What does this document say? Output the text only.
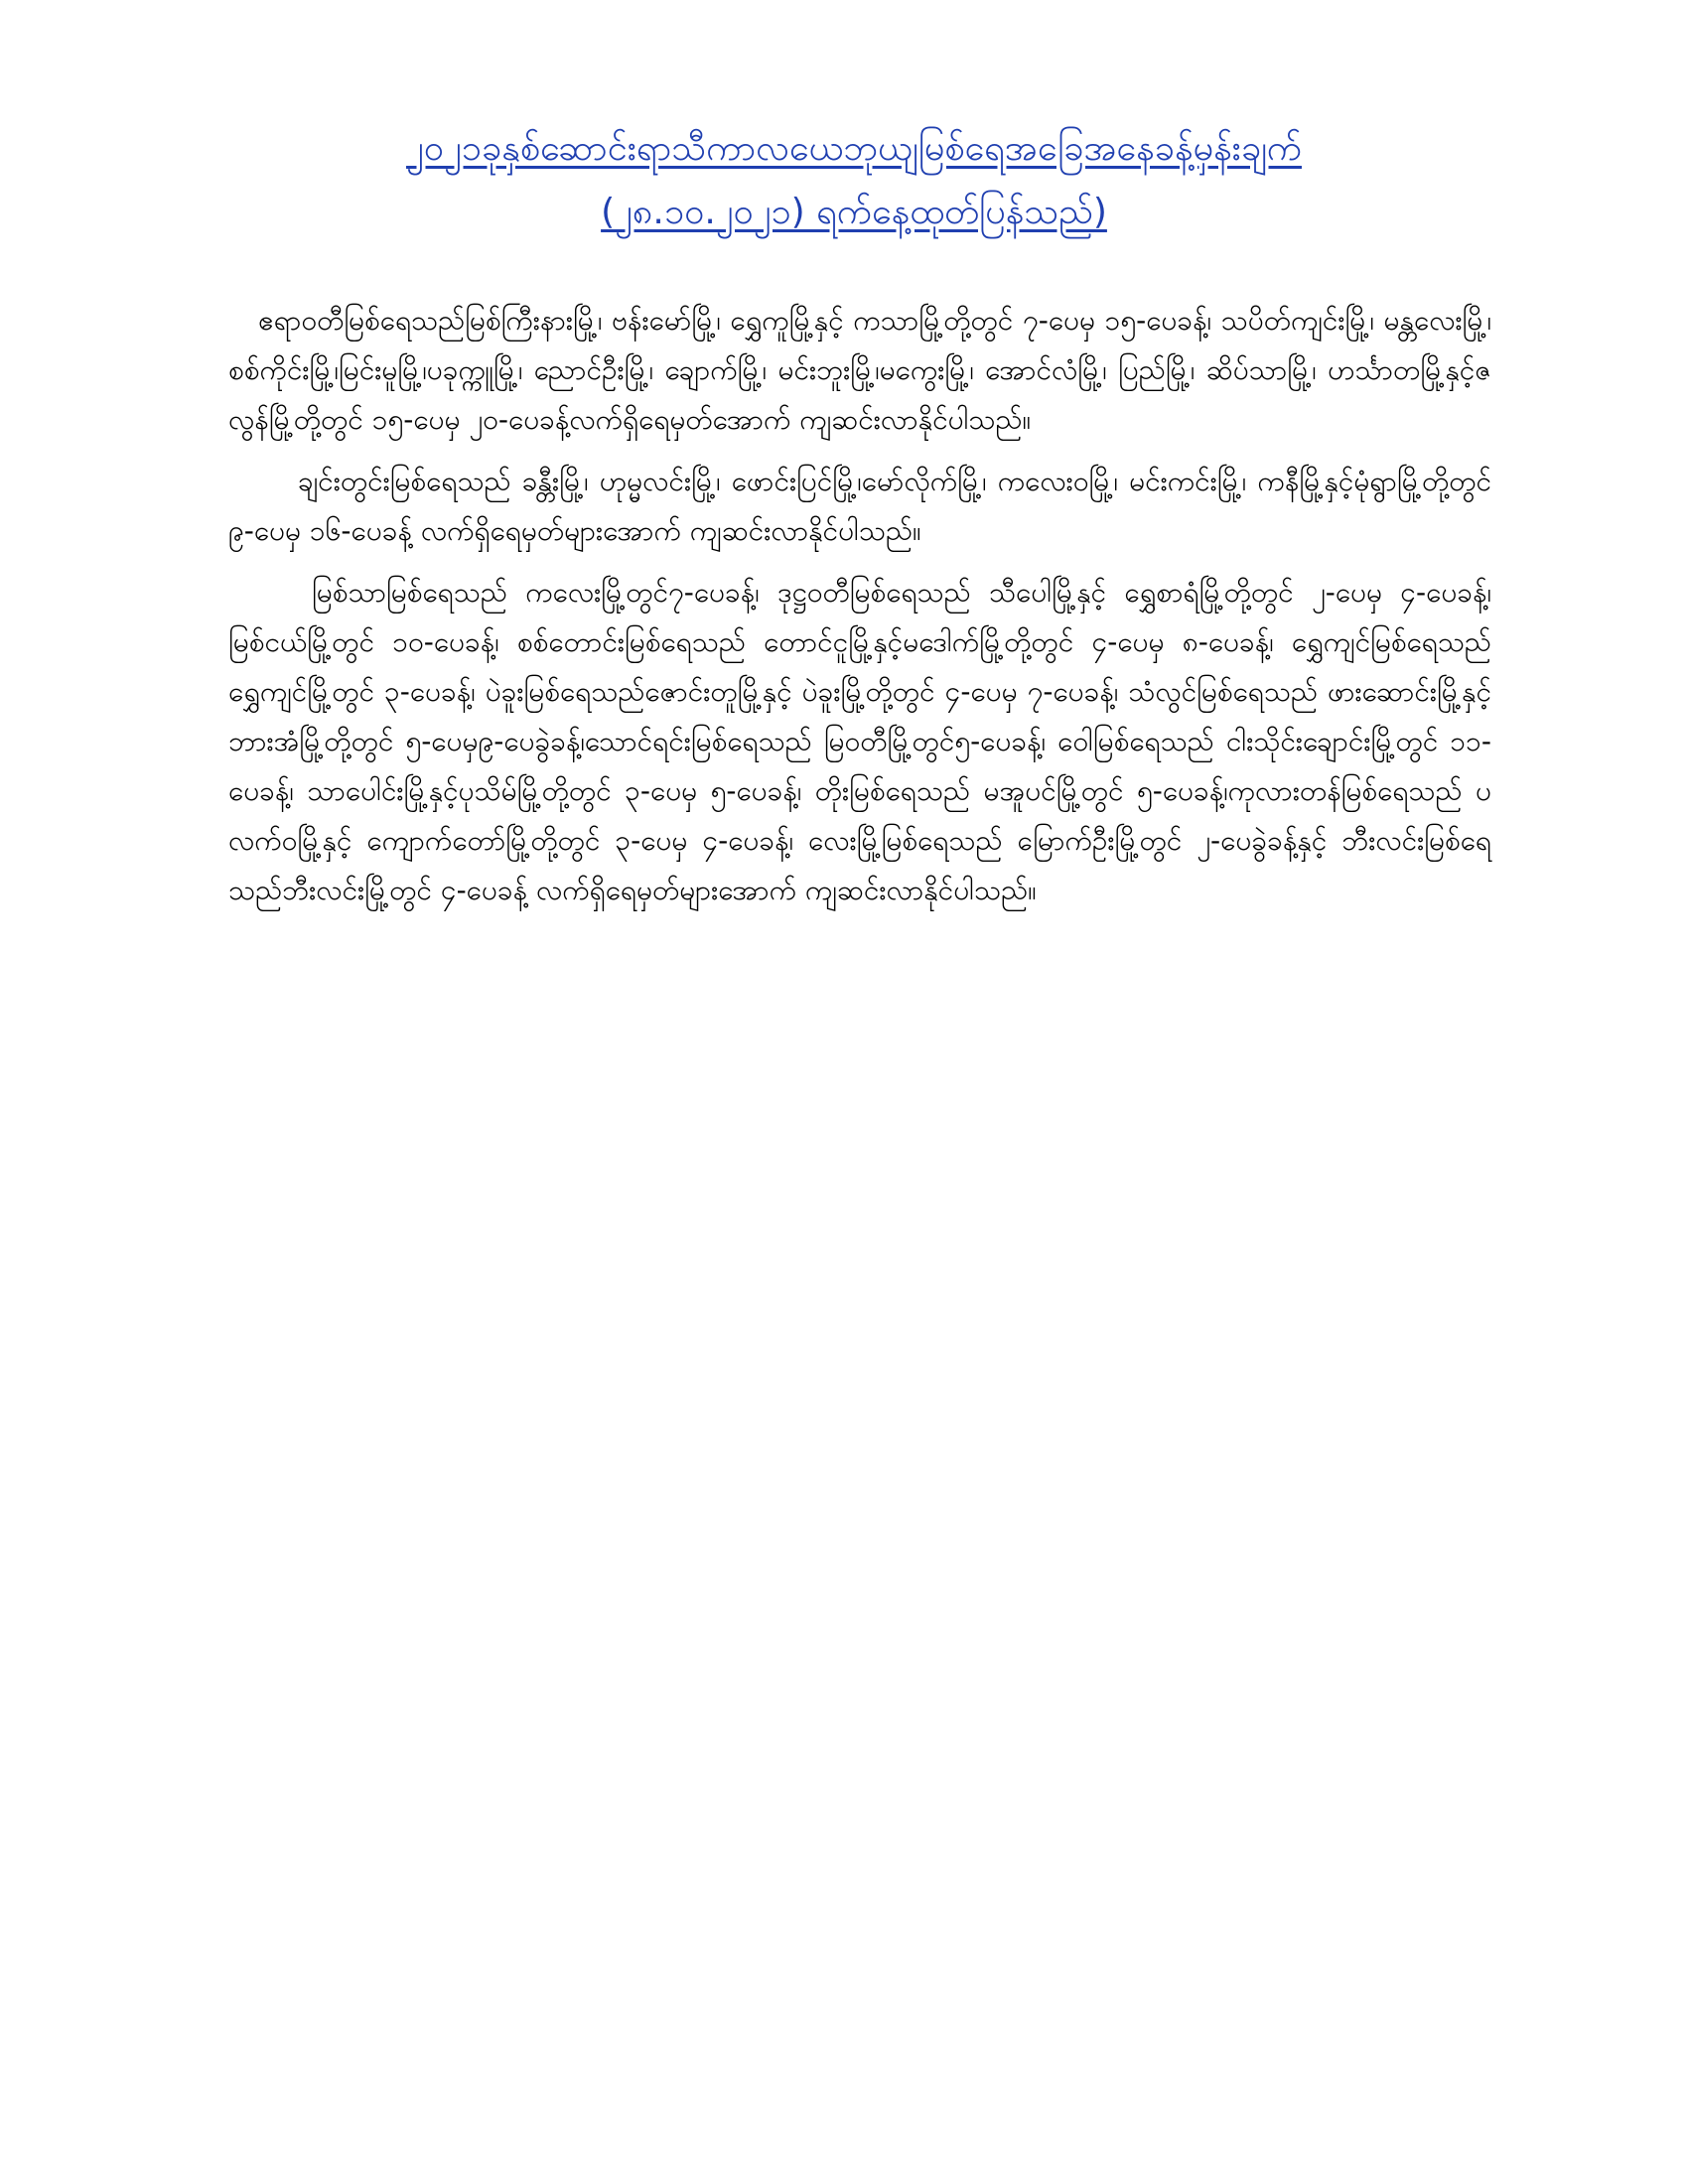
၂၀၂၁ခုနှစ်ဆောင်းရာသီကာလယေဘုယျမြစ်ရေအခြေအနေခန့်မှန်းချက်
(၂၈.၁၀.၂၀၂၁) ရက်နေ့ထုတ်ပြန်သည်)

ဧရာဝတီမြစ်ရေသည်မြစ်ကြီးနားမြို့၊ ဗန်းမော်မြို့၊ ရွှေကူမြို့နှင့် ကသာမြို့တို့တွင် ၇-ပေမှ ၁၅-ပေခန့်၊ သပိတ်ကျင်းမြို့၊ မန္တလေးမြို့၊ စစ်ကိုင်းမြို့၊မြင်းမူမြို့၊ပခုက္ကူမြို့၊ ညောင်ဦးမြို့၊ ချောက်မြို့၊ မင်းဘူးမြို့၊မကွေးမြို့၊ အောင်လံမြို့၊ ပြည်မြို့၊ ဆိပ်သာမြို့၊ ဟင်္သာတမြို့နှင့်ဇလွန်မြို့တို့တွင် ၁၅-ပေမှ ၂၀-ပေခန့်လက်ရှိရေမှတ်အောက် ကျဆင်းလာနိုင်ပါသည်။

ချင်းတွင်းမြစ်ရေသည် ခန္တီးမြို့၊ ဟုမ္မလင်းမြို့၊ ဖောင်းပြင်မြို့၊မော်လိုက်မြို့၊ ကလေးဝမြို့၊ မင်းကင်းမြို့၊ ကနီမြို့နှင့်မုံရွာမြို့တို့တွင် ၉-ပေမှ ၁၆-ပေခန့် လက်ရှိရေမှတ်များအောက် ကျဆင်းလာနိုင်ပါသည်။

မြစ်သာမြစ်ရေသည် ကလေးမြို့တွင်၇-ပေခန့်၊ ဒုဋ္ဌဝတီမြစ်ရေသည် သီပေါမြို့နှင့် ရွှေစာရံမြို့တို့တွင် ၂-ပေမှ ၄-ပေခန့်၊ မြစ်ငယ်မြို့တွင် ၁၀-ပေခန့်၊ စစ်တောင်းမြစ်ရေသည် တောင်ငူမြို့နှင့်မဒေါက်မြို့တို့တွင် ၄-ပေမှ ၈-ပေခန့်၊ ရွှေကျင်မြစ်ရေသည် ရွှေကျင်မြို့တွင် ၃-ပေခန့်၊ ပဲခူးမြစ်ရေသည်ဇောင်းတူမြို့နှင့် ပဲခူးမြို့တို့တွင် ၄-ပေမှ ၇-ပေခန့်၊ သံလွင်မြစ်ရေသည် ဖားဆောင်းမြို့နှင့် ဘားအံမြို့တို့တွင် ၅-ပေမှ၉-ပေခွဲခန့်၊သောင်ရင်းမြစ်ရေသည် မြဝတီမြို့တွင်၅-ပေခန့်၊ ဝေါမြစ်ရေသည် ငါးသိုင်းချောင်းမြို့တွင် ၁၁-ပေခန့်၊ သာပေါင်းမြို့နှင့်ပုသိမ်မြို့တို့တွင် ၃-ပေမှ ၅-ပေခန့်၊ တိုးမြစ်ရေသည် မအူပင်မြို့တွင် ၅-ပေခန့်၊ကုလားတန်မြစ်ရေသည် ပလက်ဝမြို့နှင့် ကျောက်တော်မြို့တို့တွင် ၃-ပေမှ ၄-ပေခန့်၊ လေးမြို့မြစ်ရေသည် မြောက်ဦးမြို့တွင် ၂-ပေခွဲခန့်နှင့် ဘီးလင်းမြစ်ရေသည်ဘီးလင်းမြို့တွင် ၄-ပေခန့် လက်ရှိရေမှတ်များအောက် ကျဆင်းလာနိုင်ပါသည်။
